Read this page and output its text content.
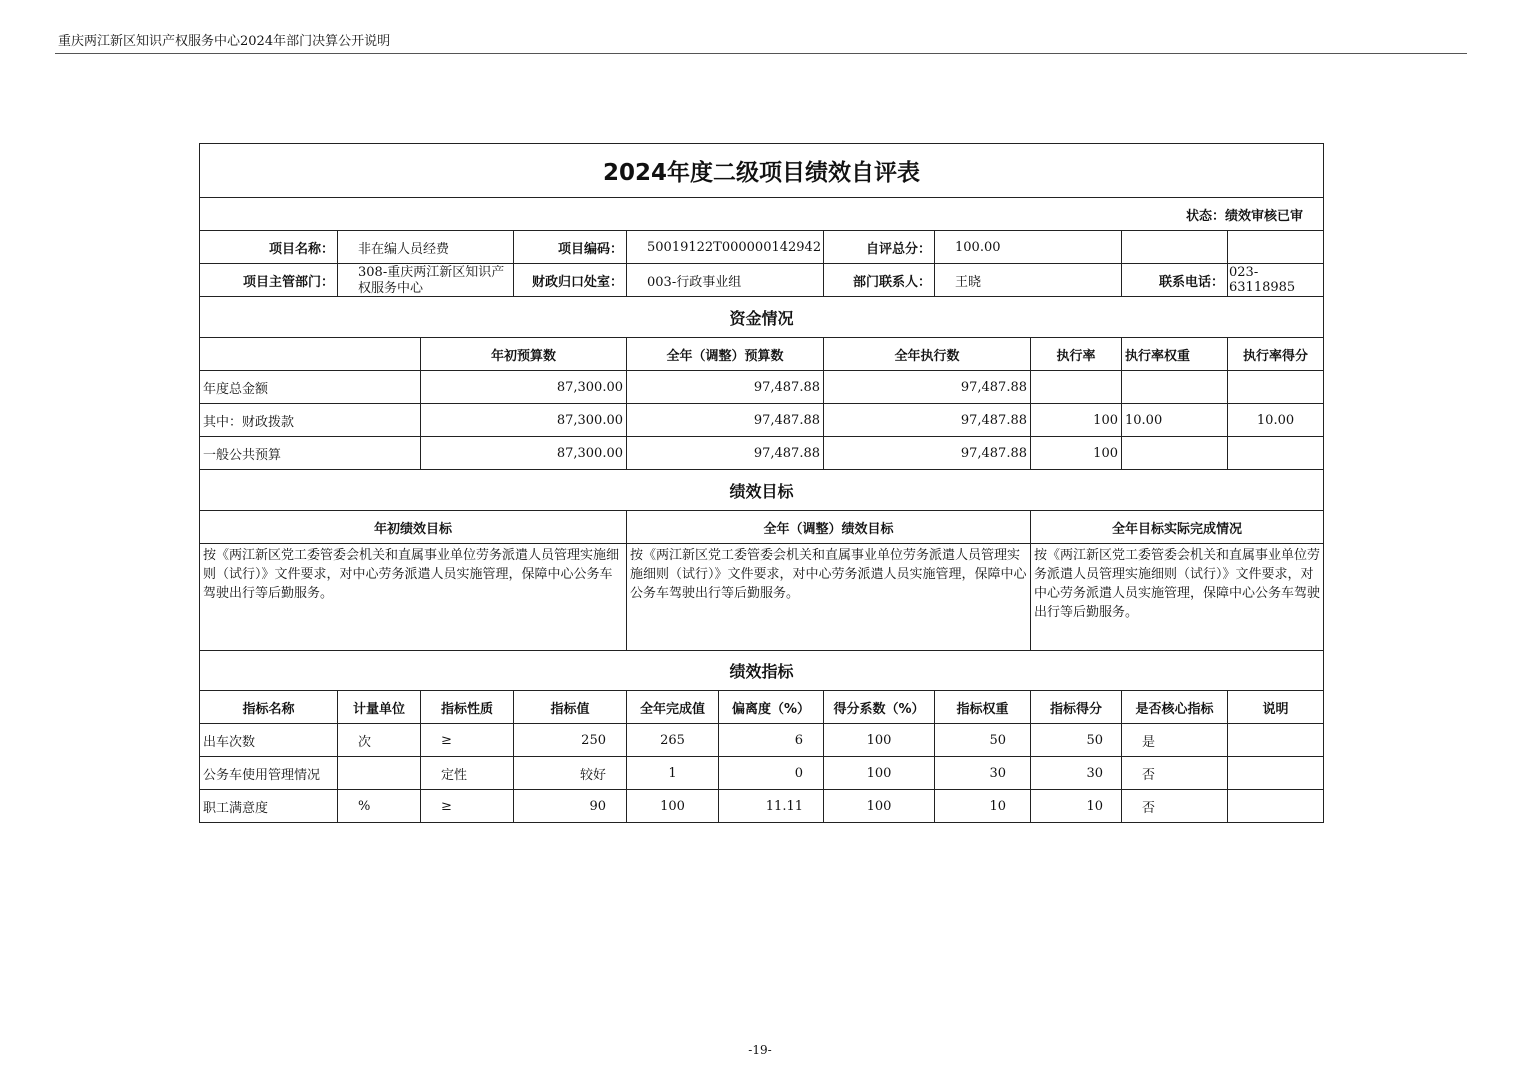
重庆两江新区知识产权服务中心2024年部门决算公开说明
2024年度二级项目绩效自评表										
状态：绩效审核已审										
项目名称：	非在编人员经费		项目编码：	50019122T000000142942		自评总分：	100.00			
项目主管部门：	308-重庆两江新区知识产权服务中心		财政归口处室：	003-行政事业组		部门联系人：	王晓		联系电话：	023-63118985
资金情况										
		年初预算数		全年（调整）预算数		全年执行数		执行率	执行率权重	执行率得分
年度总金额		87,300.00		97,487.88		97,487.88				
其中：财政拨款		87,300.00		97,487.88		97,487.88		100	10.00	10.00
一般公共预算		87,300.00		97,487.88		97,487.88		100		
绩效目标										
年初绩效目标				全年（调整）绩效目标				全年目标实际完成情况		
按《两江新区党工委管委会机关和直属事业单位劳务派遣人员管理实施细则（试行）》文件要求，对中心劳务派遣人员实施管理，保障中心公务车驾驶出行等后勤服务。				按《两江新区党工委管委会机关和直属事业单位劳务派遣人员管理实施细则（试行）》文件要求，对中心劳务派遣人员实施管理，保障中心公务车驾驶出行等后勤服务。				按《两江新区党工委管委会机关和直属事业单位劳务派遣人员管理实施细则（试行）》文件要求，对中心劳务派遣人员实施管理，保障中心公务车驾驶出行等后勤服务。		
绩效指标										
指标名称	计量单位	指标性质	指标值	全年完成值	偏离度（%）	得分系数（%）	指标权重	指标得分	是否核心指标	说明
出车次数	次	≥	250	265	6	100	50	50	是	
公务车使用管理情况		定性	较好	1	0	100	30	30	否	
职工满意度	%	≥	90	100	11.11	100	10	10	否	
-19-
